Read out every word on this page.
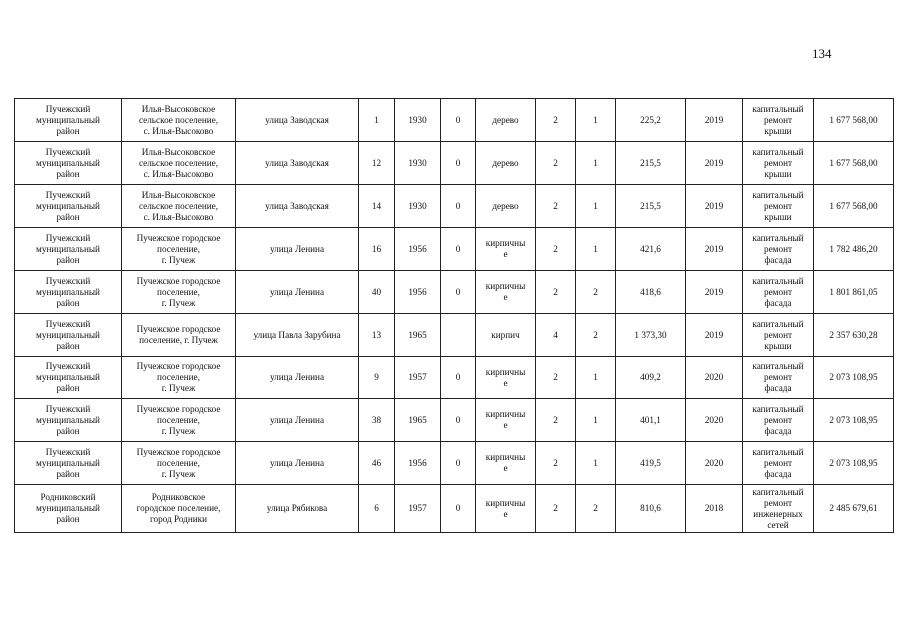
134
Пучежский
муниципальный
район	Илья-Высоковское
сельское поселение,
с. Илья-Высоково	улица Заводская	1	1930	0	дерево	2	1	225,2	2019	капитальный
ремонт
крыши	1 677 568,00
Пучежский
муниципальный
район	Илья-Высоковское
сельское поселение,
с. Илья-Высоково	улица Заводская	12	1930	0	дерево	2	1	215,5	2019	капитальный
ремонт
крыши	1 677 568,00
Пучежский
муниципальный
район	Илья-Высоковское
сельское поселение,
с. Илья-Высоково	улица Заводская	14	1930	0	дерево	2	1	215,5	2019	капитальный
ремонт
крыши	1 677 568,00
Пучежский
муниципальный
район	Пучежское городское
поселение,
г. Пучеж	улица Ленина	16	1956	0	кирпичны
е	2	1	421,6	2019	капитальный
ремонт
фасада	1 782 486,20
Пучежский
муниципальный
район	Пучежское городское
поселение,
г. Пучеж	улица Ленина	40	1956	0	кирпичны
е	2	2	418,6	2019	капитальный
ремонт
фасада	1 801 861,05
Пучежский
муниципальный
район	Пучежское городское
поселение, г. Пучеж	улица Павла Зарубина	13	1965		кирпич	4	2	1 373,30	2019	капитальный
ремонт
крыши	2 357 630,28
Пучежский
муниципальный
район	Пучежское городское
поселение,
г. Пучеж	улица Ленина	9	1957	0	кирпичны
е	2	1	409,2	2020	капитальный
ремонт
фасада	2 073 108,95
Пучежский
муниципальный
район	Пучежское городское
поселение,
г. Пучеж	улица Ленина	38	1965	0	кирпичны
е	2	1	401,1	2020	капитальный
ремонт
фасада	2 073 108,95
Пучежский
муниципальный
район	Пучежское городское
поселение,
г. Пучеж	улица Ленина	46	1956	0	кирпичны
е	2	1	419,5	2020	капитальный
ремонт
фасада	2 073 108,95
Родниковский
муниципальный
район	Родниковское
городское поселение,
город Родники	улица Рябикова	6	1957	0	кирпичны
е	2	2	810,6	2018	капитальный
ремонт
инженерных
сетей	2 485 679,61
